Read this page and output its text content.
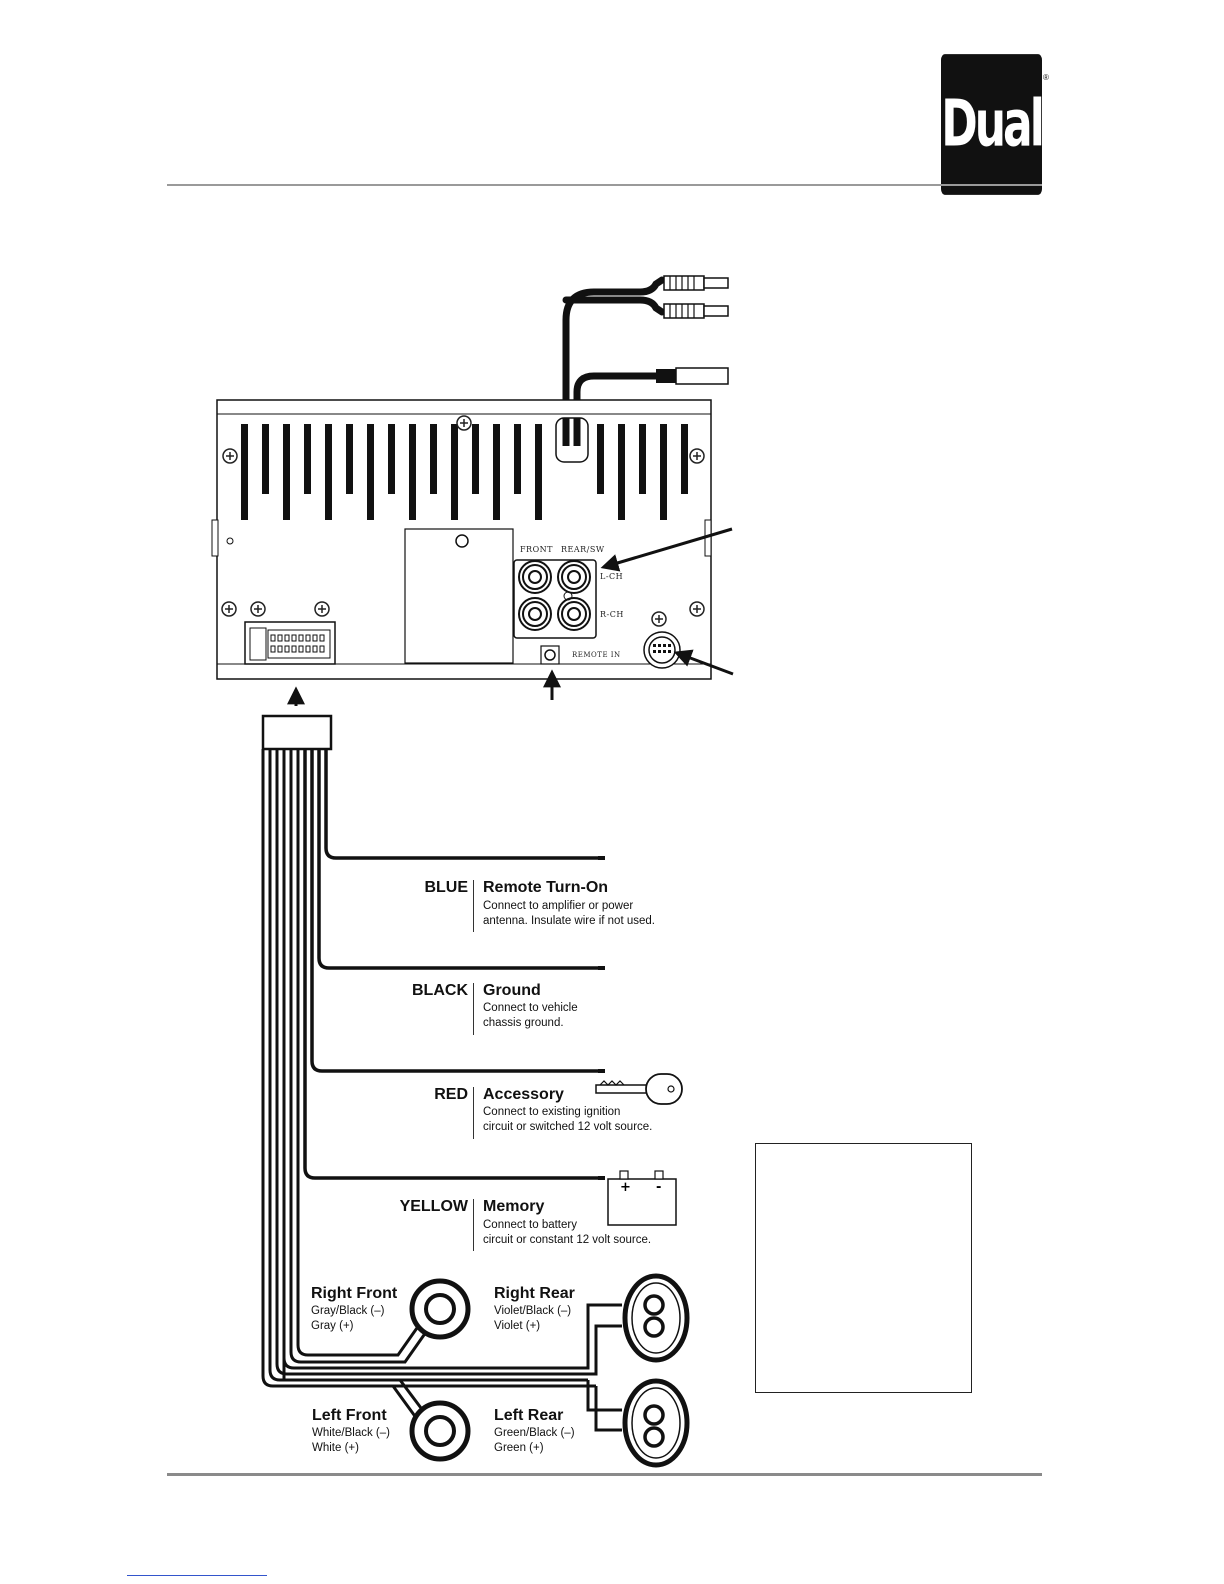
Dual
®
+ -
FRONT REAR/SW
L-CH
R-CH
REMOTE IN
BLUE Remote Turn-On
Connect to amplifier or power
antenna. Insulate wire if not used.
BLACK Ground
Connect to vehicle
chassis ground.
RED Accessory
Connect to existing ignition
circuit or switched 12 volt source.
YELLOW Memory
Connect to battery
circuit or constant 12 volt source.
Right Front
Gray/Black (–)
Gray (+)
Right Rear
Violet/Black (–)
Violet (+)
Left Front
White/Black (–)
White (+)
Left Rear
Green/Black (–)
Green (+)
